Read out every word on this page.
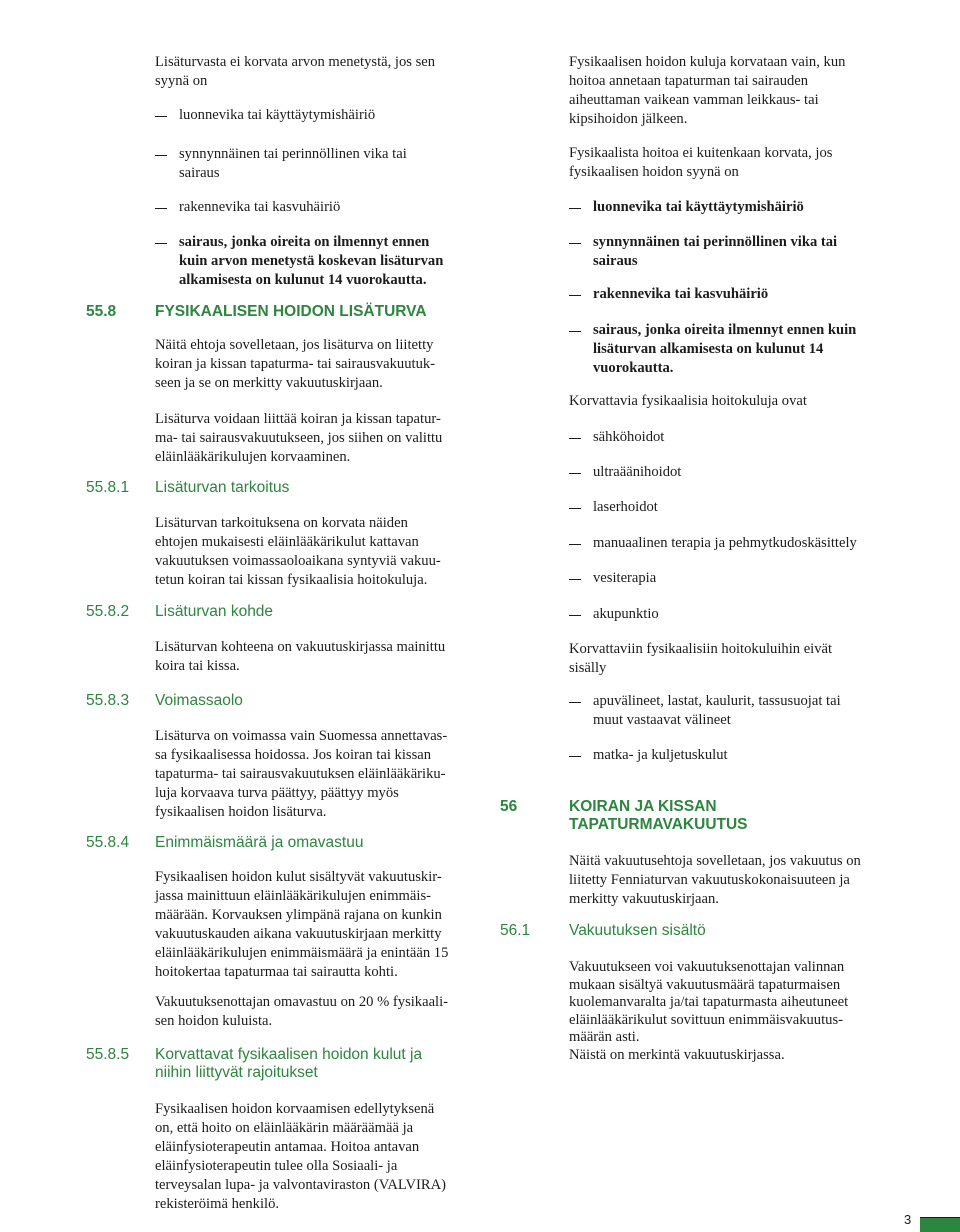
Lisäturvasta ei korvata arvon menetystä, jos sen
syynä on
luonnevika tai käyttäytymishäiriö
synnynnäinen tai perinnöllinen vika tai
sairaus
rakennevika tai kasvuhäiriö
sairaus, jonka oireita on ilmennyt ennen
kuin arvon menetystä koskevan lisäturvan
alkamisesta on kulunut 14 vuorokautta.
55.8	FYSIKAALISEN HOIDON LISÄTURVA
Näitä ehtoja sovelletaan, jos lisäturva on liitetty
koiran ja kissan tapaturma- tai sairausvakuutuk-
seen ja se on merkitty vakuutuskirjaan.
Lisäturva voidaan liittää koiran ja kissan tapatur-
ma- tai sairausvakuutukseen, jos siihen on valittu
eläinlääkärikulujen korvaaminen.
55.8.1 Lisäturvan tarkoitus
Lisäturvan tarkoituksena on korvata näiden
ehtojen mukaisesti eläinlääkärikulut kattavan
vakuutuksen voimassaoloaikana syntyviä vakuu-
tetun koiran tai kissan fysikaalisia hoitokuluja.
55.8.2 Lisäturvan kohde
Lisäturvan kohteena on vakuutuskirjassa mainittu
koira tai kissa.
55.8.3 Voimassaolo
Lisäturva on voimassa vain Suomessa annettavas-
sa fysikaalisessa hoidossa. Jos koiran tai kissan
tapaturma- tai sairausvakuutuksen eläinlääkäriku-
luja korvaava turva päättyy, päättyy myös
fysikaalisen hoidon lisäturva.
55.8.4 Enimmäismäärä ja omavastuu
Fysikaalisen hoidon kulut sisältyvät vakuutuskir-
jassa mainittuun eläinlääkärikulujen enimmäis-
määrään. Korvauksen ylimpänä rajana on kunkin
vakuutuskauden aikana vakuutuskirjaan merkitty
eläinlääkärikulujen enimmäismäärä ja enintään 15
hoitokertaa tapaturmaa tai sairautta kohti.
Vakuutuksenottajan omavastuu on 20 % fysikaali-
sen hoidon kuluista.
55.8.5 Korvattavat fysikaalisen hoidon kulut ja
niihin liittyvät rajoitukset
Fysikaalisen hoidon korvaamisen edellytyksenä
on, että hoito on eläinlääkärin määräämää ja
eläinfysioterapeutin antamaa. Hoitoa antavan
eläinfysioterapeutin tulee olla Sosiaali- ja
terveysalan lupa- ja valvontaviraston (VALVIRA)
rekisteröimä henkilö.
Fysikaalisen hoidon kuluja korvataan vain, kun
hoitoa annetaan tapaturman tai sairauden
aiheuttaman vaikean vamman leikkaus- tai
kipsihoidon jälkeen.
Fysikaalista hoitoa ei kuitenkaan korvata, jos
fysikaalisen hoidon syynä on
luonnevika tai käyttäytymishäiriö
synnynnäinen tai perinnöllinen vika tai
sairaus
rakennevika tai kasvuhäiriö
sairaus, jonka oireita ilmennyt ennen kuin
lisäturvan alkamisesta on kulunut 14
vuorokautta.
Korvattavia fysikaalisia hoitokuluja ovat
sähköhoidot
ultraäänihoidot
laserhoidot
manuaalinen terapia ja pehmytkudoskäsittely
vesiterapia
akupunktio
Korvattaviin fysikaalisiin hoitokuluihin eivät
sisälly
apuvälineet, lastat, kaulurit, tassusuojat tai
muut vastaavat välineet
matka- ja kuljetuskulut
56	KOIRAN JA KISSAN
TAPATURMAVAKUUTUS
Näitä vakuutusehtoja sovelletaan, jos vakuutus on
liitetty Fenniaturvan vakuutuskokonaisuuteen ja
merkitty vakuutuskirjaan.
56.1	Vakuutuksen sisältö
Vakuutukseen voi vakuutuksenottajan valinnan
mukaan sisältyä vakuutusmäärä tapaturmaisen
kuolemanvaralta ja/tai tapaturmasta aiheutuneet
eläinlääkärikulut sovittuun enimmäisvakuutus-
määrän asti.
Näistä on merkintä vakuutuskirjassa.
3
